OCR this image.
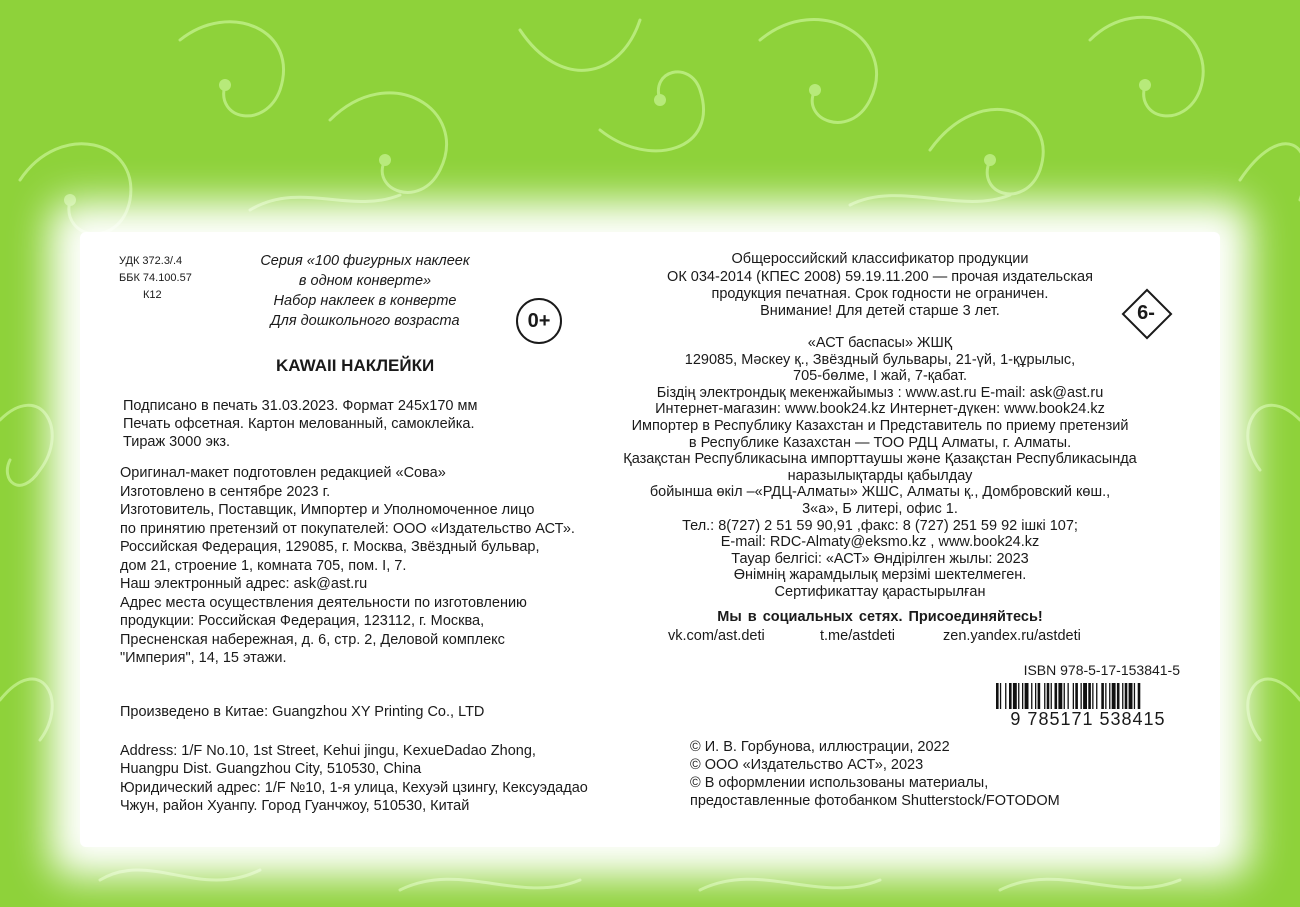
УДК 372.3/.4
ББК 74.100.57
К12
Серия «100 фигурных наклеек
в одном конверте»
Набор наклеек в конверте
Для дошкольного возраста	0+
KAWAII НАКЛЕЙКИ
Подписано в печать 31.03.2023. Формат 245x170 мм
Печать офсетная. Картон мелованный, самоклейка.
Тираж 3000 экз.
Оригинал-макет подготовлен редакцией «Сова»
Изготовлено в сентябре 2023 г.
Изготовитель, Поставщик, Импортер и Уполномоченное лицо
по принятию претензий от покупателей: ООО «Издательство АСТ».
Российская Федерация, 129085, г. Москва, Звёздный бульвар,
дом 21, строение 1, комната 705, пом. I, 7.
Наш электронный адрес: ask@ast.ru
Адрес места осуществления деятельности по изготовлению
продукции: Российская Федерация, 123112, г. Москва,
Пресненская набережная, д. 6, стр. 2, Деловой комплекс
"Империя", 14, 15 этажи.
Произведено в Китае: Guangzhou XY Printing Co., LTD
Address: 1/F No.10, 1st Street, Kehui jingu, KexueDadao Zhong,
Huangpu Dist. Guangzhou City, 510530, China
Юридический адрес: 1/F №10, 1-я улица, Кехуэй цзингу, Кексуэдадао
Чжун, район Хуанпу. Город Гуанчжоу, 510530, Китай
Общероссийский классификатор продукции
ОК 034-2014 (КПЕС 2008) 59.19.11.200 — прочая издательская
продукция печатная. Срок годности не ограничен.
Внимание! Для детей старше 3 лет.	6-
«АСТ баспасы» ЖШҚ
129085, Мәскеу қ., Звёздный бульвары, 21-үй, 1-құрылыс,
705-бөлме, I жай, 7-қабат.
Біздің электрондық мекенжайымыз : www.ast.ru E-mail: ask@ast.ru
Интернет-магазин: www.book24.kz Интернет-дүкен: www.book24.kz
Импортер в Республику Казахстан и Представитель по приему претензий
в Республике Казахстан — ТОО РДЦ Алматы, г. Алматы.
Қазақстан Республикасына импорттаушы және Қазақстан Республикасында
наразылықтарды қабылдау
бойынша өкіл –«РДЦ-Алматы» ЖШС, Алматы қ., Домбровский көш.,
3«а», Б литері, офис 1.
Тел.: 8(727) 2 51 59 90,91 ,факс: 8 (727) 251 59 92 ішкі 107;
E-mail: RDC-Almaty@eksmo.kz , www.book24.kz
Тауар белгісі: «АСТ» Өндірілген жылы: 2023
Өнімнің жарамдылық мерзімі шектелмеген.
Сертификаттау қарастырылған
Мы в социальных сетях. Присоединяйтесь!
vk.com/ast.deti	t.me/astdeti	zen.yandex.ru/astdeti
ISBN 978-5-17-153841-5
9 785171 538415
© И. В. Горбунова, иллюстрации, 2022
© ООО «Издательство АСТ», 2023
© В оформлении использованы материалы,
предоставленные фотобанком Shutterstock/FOTODOM
